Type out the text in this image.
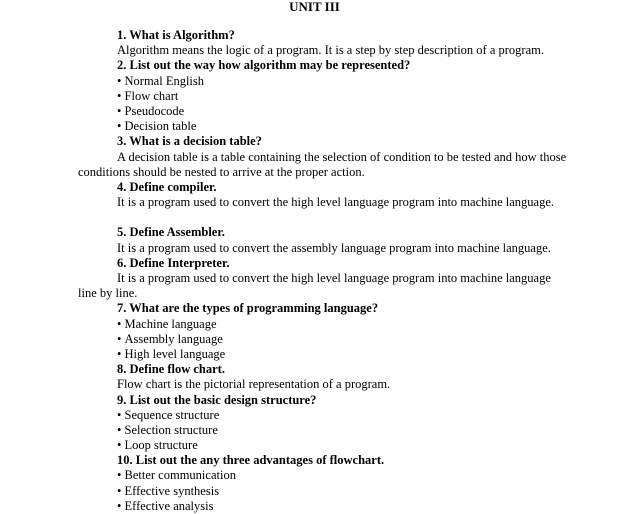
UNIT III
1. What is Algorithm?
Algorithm means the logic of a program. It is a step by step description of a program.
2. List out the way how algorithm may be represented?
• Normal English
• Flow chart
• Pseudocode
• Decision table
3. What is a decision table?
A decision table is a table containing the selection of condition to be tested and how those
conditions should be nested to arrive at the proper action.
4. Define compiler.
It is a program used to convert the high level language program into machine language.
5. Define Assembler.
It is a program used to convert the assembly language program into machine language.
6. Define Interpreter.
It is a program used to convert the high level language program into machine language
line by line.
7. What are the types of programming language?
• Machine language
• Assembly language
• High level language
8. Define flow chart.
Flow chart is the pictorial representation of a program.
9. List out the basic design structure?
• Sequence structure
• Selection structure
• Loop structure
10. List out the any three advantages of flowchart.
• Better communication
• Effective synthesis
• Effective analysis
